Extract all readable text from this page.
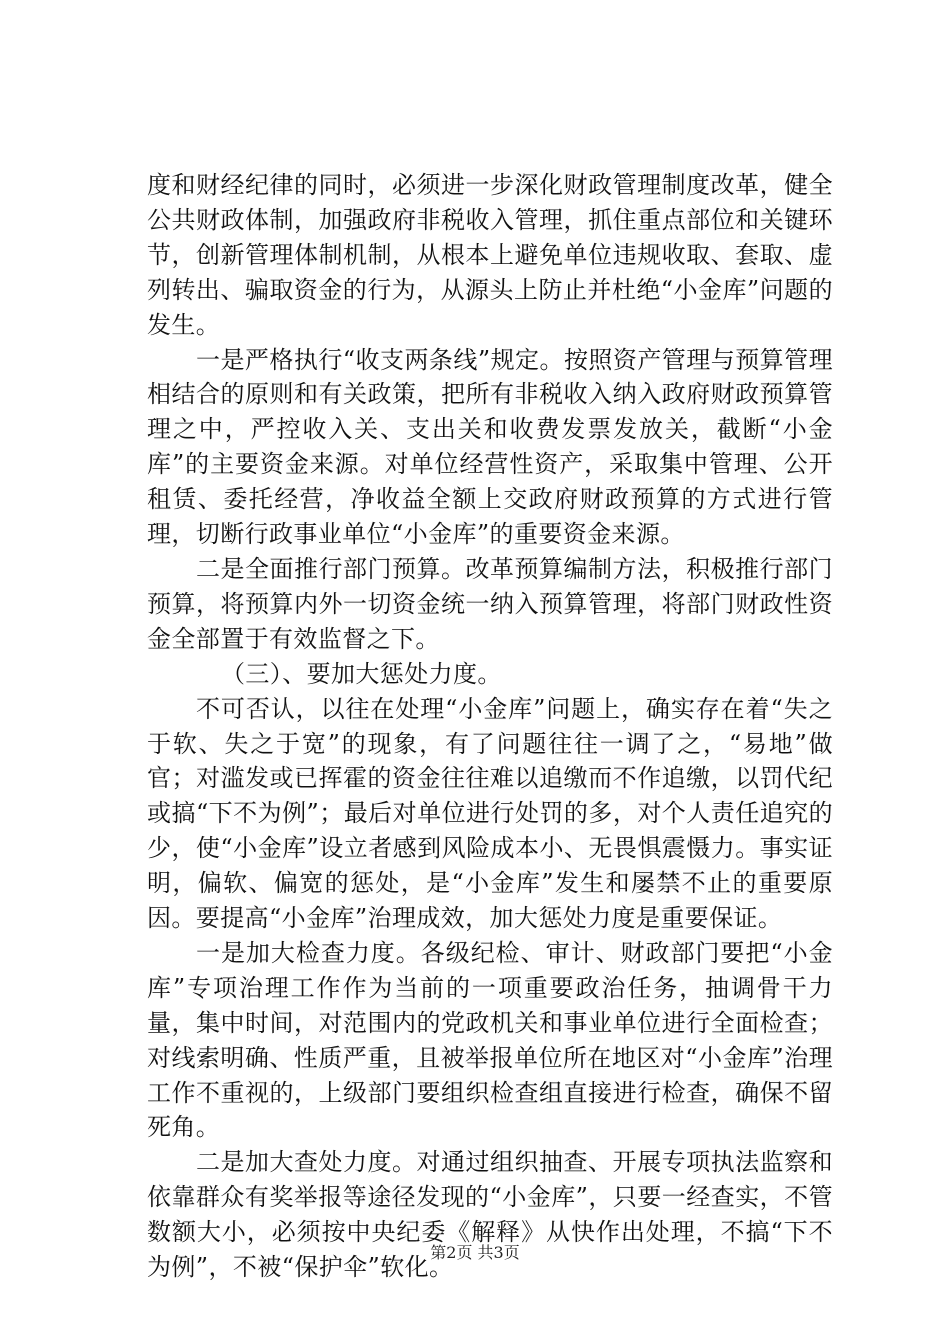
度和财经纪律的同时，必须进一步深化财政管理制度改革，健全公共财政体制，加强政府非税收入管理，抓住重点部位和关键环节，创新管理体制机制，从根本上避免单位违规收取、套取、虚列转出、骗取资金的行为，从源头上防止并杜绝“小金库”问题的发生。

一是严格执行“收支两条线”规定。按照资产管理与预算管理相结合的原则和有关政策，把所有非税收入纳入政府财政预算管理之中，严控收入关、支出关和收费发票发放关，截断“小金库”的主要资金来源。对单位经营性资产，采取集中管理、公开租赁、委托经营，净收益全额上交政府财政预算的方式进行管理，切断行政事业单位“小金库”的重要资金来源。

二是全面推行部门预算。改革预算编制方法，积极推行部门预算，将预算内外一切资金统一纳入预算管理，将部门财政性资金全部置于有效监督之下。

（三）、要加大惩处力度。

不可否认，以往在处理“小金库”问题上，确实存在着“失之于软、失之于宽”的现象，有了问题往往一调了之，“易地”做官；对滥发或已挥霍的资金往往难以追缴而不作追缴，以罚代纪或搞“下不为例”；最后对单位进行处罚的多，对个人责任追究的少，使“小金库”设立者感到风险成本小、无畏惧震慑力。事实证明，偏软、偏宽的惩处，是“小金库”发生和屡禁不止的重要原因。要提高“小金库”治理成效，加大惩处力度是重要保证。

一是加大检查力度。各级纪检、审计、财政部门要把“小金库”专项治理工作作为当前的一项重要政治任务，抽调骨干力量，集中时间，对范围内的党政机关和事业单位进行全面检查；对线索明确、性质严重，且被举报单位所在地区对“小金库”治理工作不重视的，上级部门要组织检查组直接进行检查，确保不留死角。

二是加大查处力度。对通过组织抽查、开展专项执法监察和依靠群众有奖举报等途径发现的“小金库”，只要一经查实，不管数额大小，必须按中央纪委《解释》从快作出处理，不搞“下不为例”，不被“保护伞”软化。

第2页 共3页
